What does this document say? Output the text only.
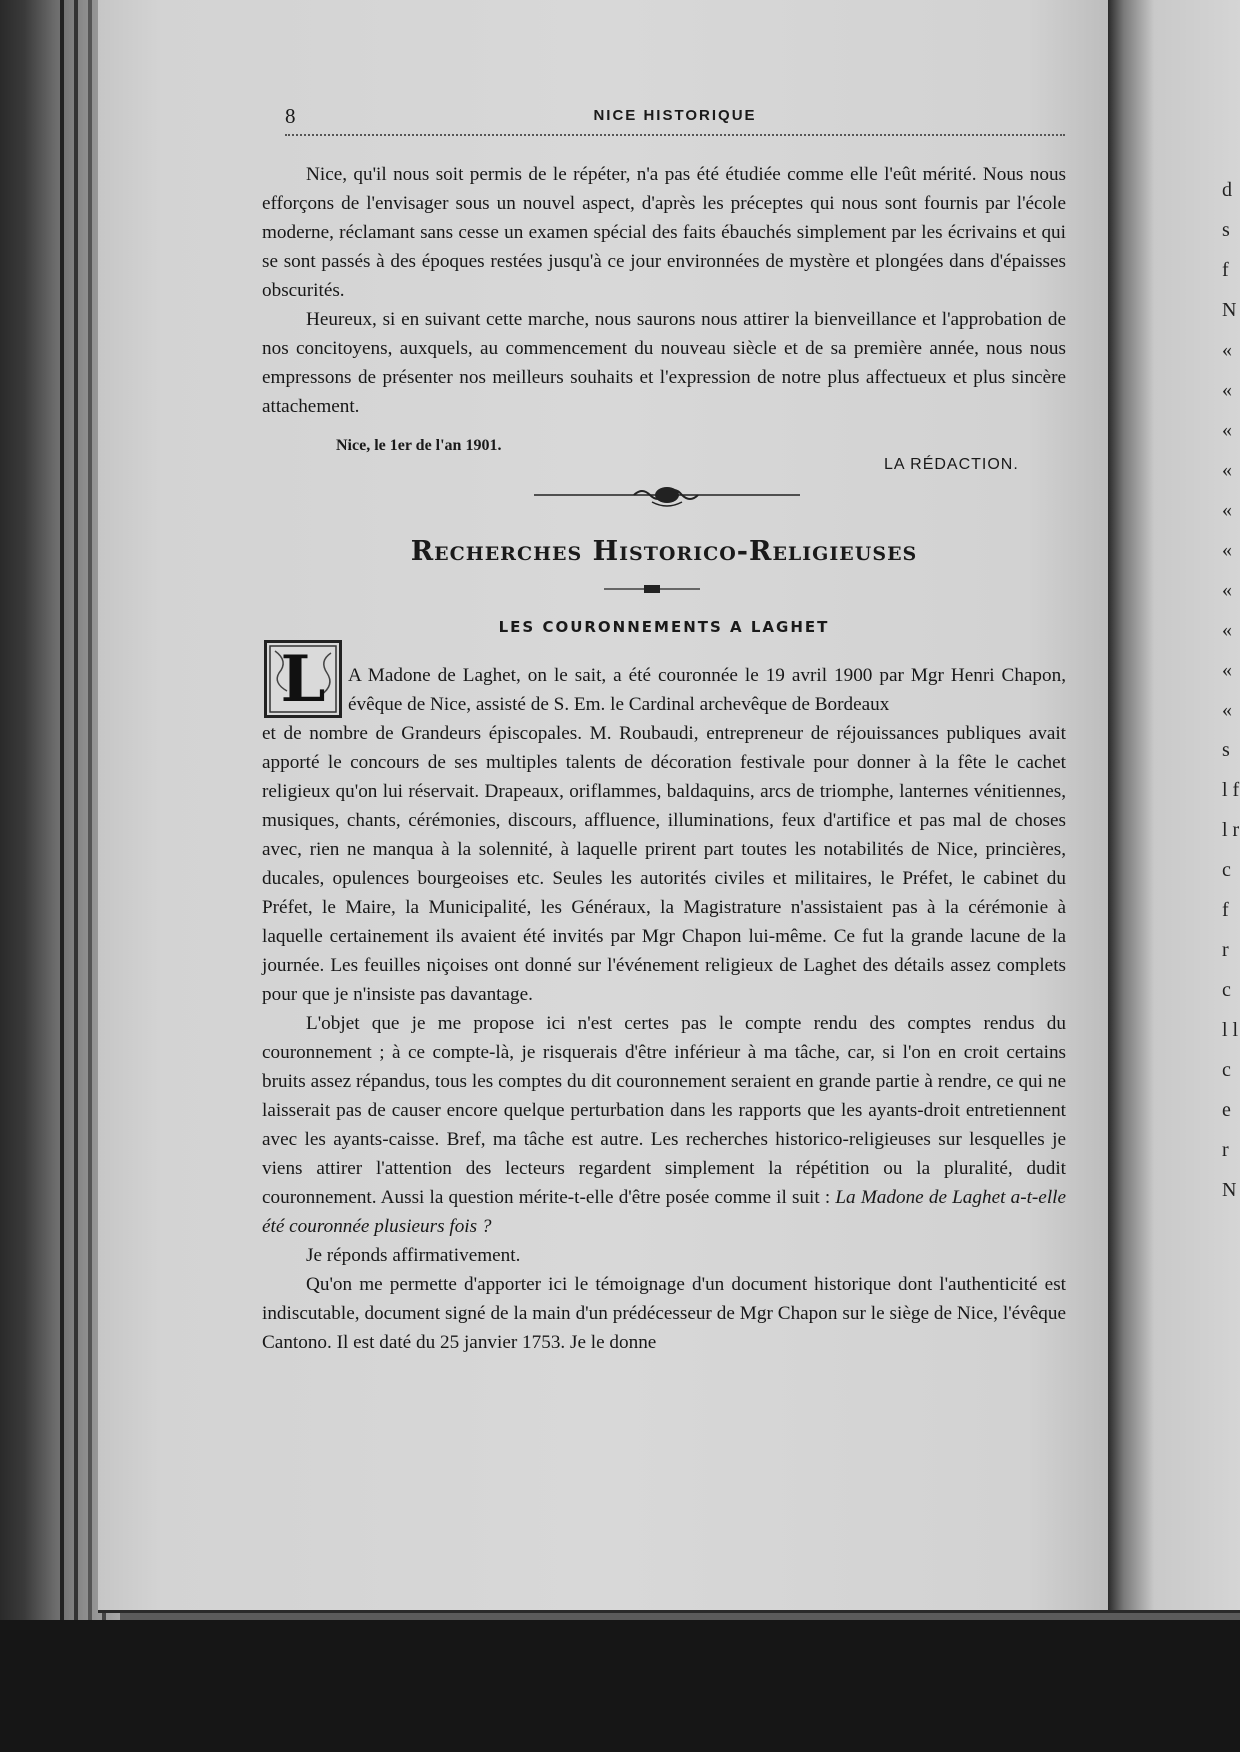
d s f N « « « « « « « « « « s l f l r c f r c l l c e r N
8	NICE HISTORIQUE

Nice, qu'il nous soit permis de le répéter, n'a pas été étudiée comme elle l'eût mérité. Nous nous efforçons de l'envisager sous un nouvel aspect, d'après les préceptes qui nous sont fournis par l'école moderne, réclamant sans cesse un examen spécial des faits ébauchés simplement par les écrivains et qui se sont passés à des époques restées jusqu'à ce jour environnées de mystère et plongées dans d'épaisses obscurités.

Heureux, si en suivant cette marche, nous saurons nous attirer la bienveillance et l'approbation de nos concitoyens, auxquels, au commencement du nouveau siècle et de sa première année, nous nous empressons de présenter nos meilleurs souhaits et l'expression de notre plus affectueux et plus sincère attachement.

Nice, le 1er de l'an 1901.
LA RÉDACTION.
Recherches Historico-Religieuses
LES COURONNEMENTS A LAGHET
L	A Madone de Laghet, on le sait, a été couronnée le 19 avril 1900 par Mgr Henri Chapon, évêque de Nice, assisté de S. Em. le Cardinal archevêque de Bordeaux

et de nombre de Grandeurs épiscopales. M. Roubaudi, entrepreneur de réjouissances publiques avait apporté le concours de ses multiples talents de décoration festivale pour donner à la fête le cachet religieux qu'on lui réservait. Drapeaux, oriflammes, baldaquins, arcs de triomphe, lanternes vénitiennes, musiques, chants, cérémonies, discours, affluence, illuminations, feux d'artifice et pas mal de choses avec, rien ne manqua à la solennité, à laquelle prirent part toutes les notabilités de Nice, princières, ducales, opulences bourgeoises etc. Seules les autorités civiles et militaires, le Préfet, le cabinet du Préfet, le Maire, la Municipalité, les Généraux, la Magistrature n'assistaient pas à la cérémonie à laquelle certainement ils avaient été invités par Mgr Chapon lui-même. Ce fut la grande lacune de la journée. Les feuilles niçoises ont donné sur l'événement religieux de Laghet des détails assez complets pour que je n'insiste pas davantage.

L'objet que je me propose ici n'est certes pas le compte rendu des comptes rendus du couronnement ; à ce compte-là, je risquerais d'être inférieur à ma tâche, car, si l'on en croit certains bruits assez répandus, tous les comptes du dit couronnement seraient en grande partie à rendre, ce qui ne laisserait pas de causer encore quelque perturbation dans les rapports que les ayants-droit entretiennent avec les ayants-caisse. Bref, ma tâche est autre. Les recherches historico-religieuses sur lesquelles je viens attirer l'attention des lecteurs regardent simplement la répétition ou la pluralité, dudit couronnement. Aussi la question mérite-t-elle d'être posée comme il suit : La Madone de Laghet a-t-elle été couronnée plusieurs fois ?

Je réponds affirmativement.

Qu'on me permette d'apporter ici le témoignage d'un document historique dont l'authenticité est indiscutable, document signé de la main d'un prédécesseur de Mgr Chapon sur le siège de Nice, l'évêque Cantono. Il est daté du 25 janvier 1753. Je le donne
